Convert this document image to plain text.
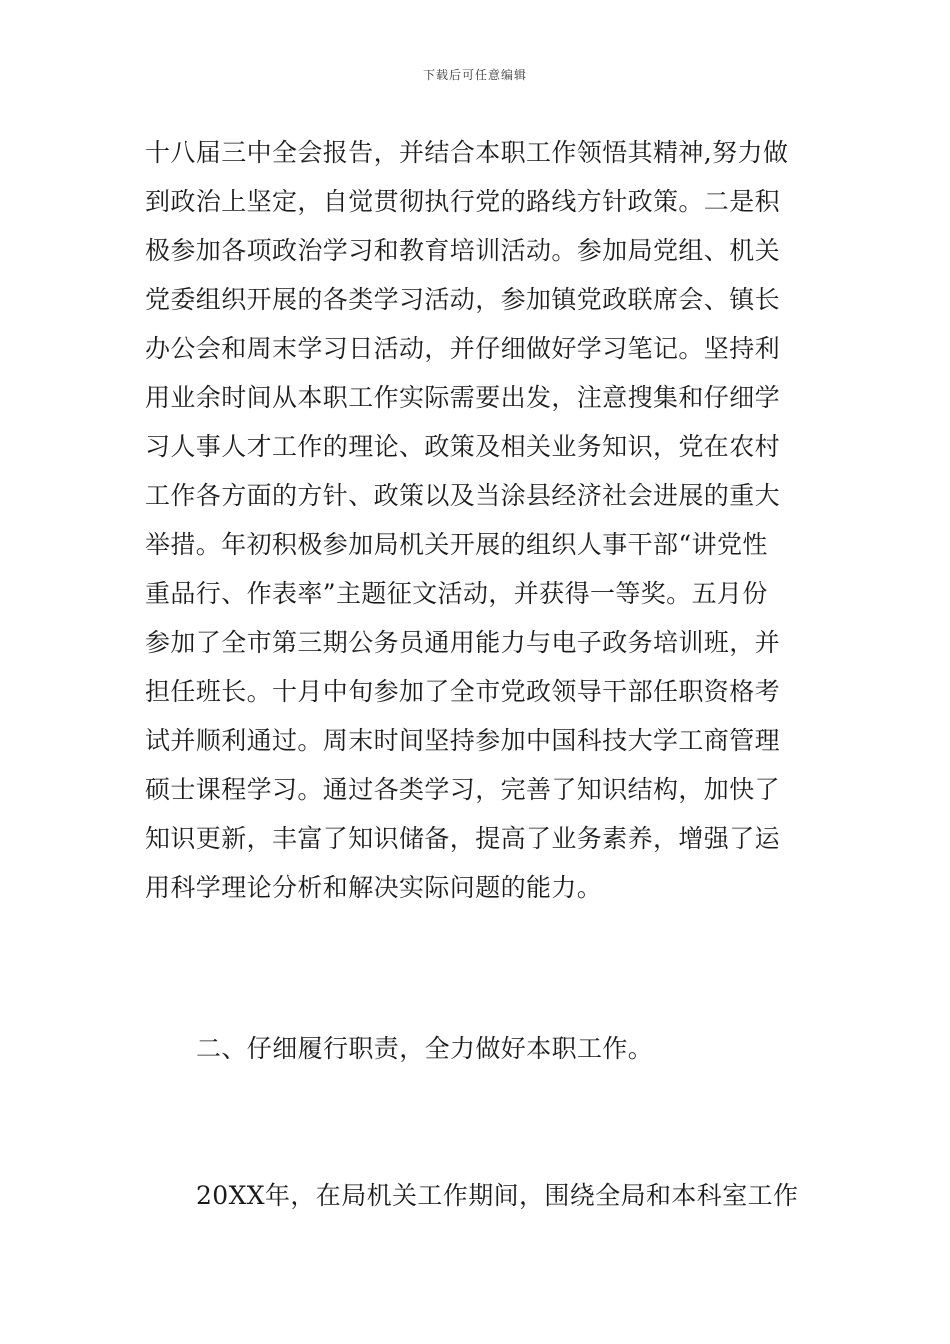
下载后可任意编辑
十八届三中全会报告，并结合本职工作领悟其精神,努力做
到政治上坚定，自觉贯彻执行党的路线方针政策。二是积
极参加各项政治学习和教育培训活动。参加局党组、机关
党委组织开展的各类学习活动，参加镇党政联席会、镇长
办公会和周末学习日活动，并仔细做好学习笔记。坚持利
用业余时间从本职工作实际需要出发，注意搜集和仔细学
习人事人才工作的理论、政策及相关业务知识，党在农村
工作各方面的方针、政策以及当涂县经济社会进展的重大
举措。年初积极参加局机关开展的组织人事干部“讲党性
重品行、作表率”主题征文活动，并获得一等奖。五月份
参加了全市第三期公务员通用能力与电子政务培训班，并
担任班长。十月中旬参加了全市党政领导干部任职资格考
试并顺利通过。周末时间坚持参加中国科技大学工商管理
硕士课程学习。通过各类学习，完善了知识结构，加快了
知识更新，丰富了知识储备，提高了业务素养，增强了运
用科学理论分析和解决实际问题的能力。
二、仔细履行职责，全力做好本职工作。
20XX年，在局机关工作期间，围绕全局和本科室工作
